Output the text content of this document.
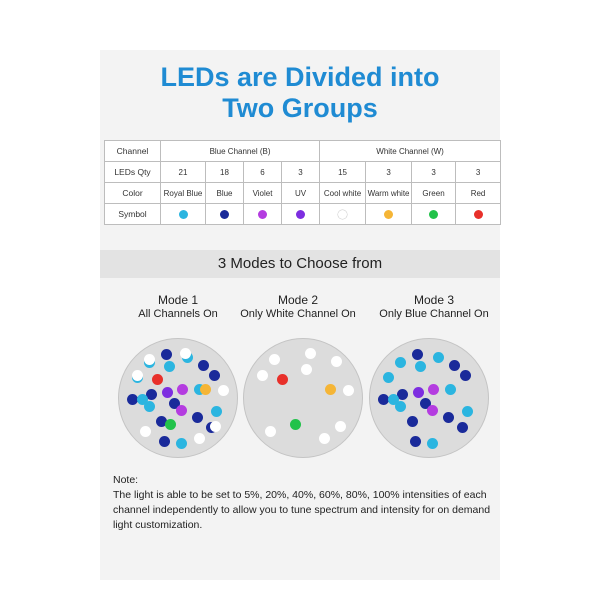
LEDs are Divided into
Two Groups
Channel	Blue Channel (B)				White Channel (W)			
LEDs Qty	21	18	6	3	15	3	3	3
Color	Royal Blue	Blue	Violet	UV	Cool white	Warm white	Green	Red
Symbol								
3 Modes to Choose from
Mode 1
All Channels On
Mode 2
Only White Channel On
Mode 3
Only Blue Channel On
Note:
The light is able to be set to 5%, 20%, 40%, 60%, 80%, 100% intensities of each
channel independently to allow you to tune spectrum and intensity for on demand
light customization.
